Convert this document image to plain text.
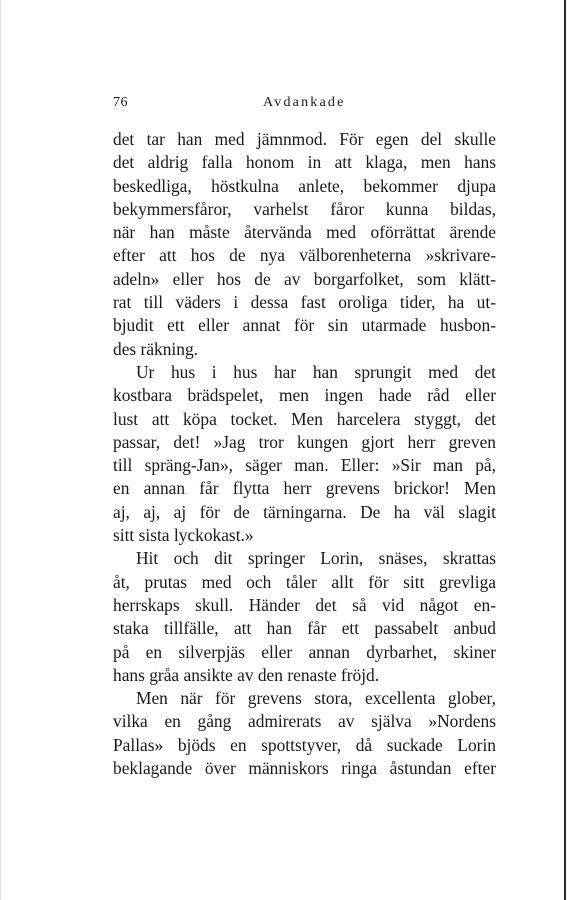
76	Avdankade
det tar han med jämnmod. För egen del skulle
det aldrig falla honom in att klaga, men hans
beskedliga, höstkulna anlete, bekommer djupa
bekymmersfåror, varhelst fåror kunna bildas,
när han måste återvända med oförrättat ärende
efter att hos de nya välborenheterna »skrivare-
adeln» eller hos de av borgarfolket, som klätt-
rat till väders i dessa fast oroliga tider, ha ut-
bjudit ett eller annat för sin utarmade husbon-
des räkning.
Ur hus i hus har han sprungit med det
kostbara brädspelet, men ingen hade råd eller
lust att köpa tocket. Men harcelera styggt, det
passar, det! »Jag tror kungen gjort herr greven
till spräng-Jan», säger man. Eller: »Sir man på,
en annan får flytta herr grevens brickor! Men
aj, aj, aj för de tärningarna. De ha väl slagit
sitt sista lyckokast.»
Hit och dit springer Lorin, snäses, skrattas
åt, prutas med och tåler allt för sitt grevliga
herrskaps skull. Händer det så vid något en-
staka tillfälle, att han får ett passabelt anbud
på en silverpjäs eller annan dyrbarhet, skiner
hans gråa ansikte av den renaste fröjd.
Men när för grevens stora, excellenta glober,
vilka en gång admirerats av själva »Nordens
Pallas» bjöds en spottstyver, då suckade Lorin
beklagande över människors ringa åstundan efter
